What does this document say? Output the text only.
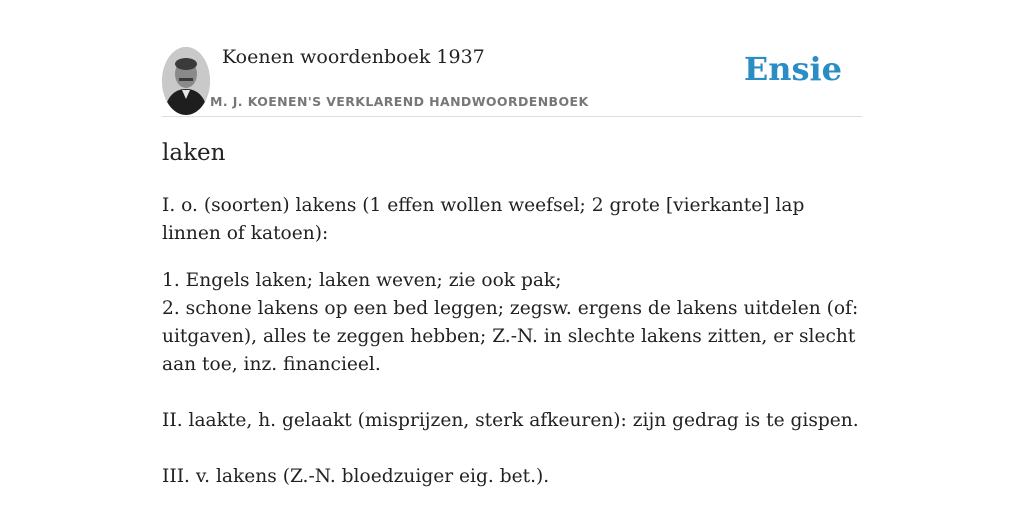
Koenen woordenboek 1937
M. J. KOENEN'S VERKLAREND HANDWOORDENBOEK
Ensie
laken

I. o. (soorten) lakens (1 effen wollen weefsel; 2 grote [vierkante] lap linnen of katoen):

1. Engels laken; laken weven; zie ook pak;

2. schone lakens op een bed leggen; zegsw. ergens de lakens uitdelen (of: uitgaven), alles te zeggen hebben; Z.-N. in slechte lakens zitten, er slecht aan toe, inz. financieel.

II. laakte, h. gelaakt (misprijzen, sterk afkeuren): zijn gedrag is te gispen.

III. v. lakens (Z.-N. bloedzuiger eig. bet.).
